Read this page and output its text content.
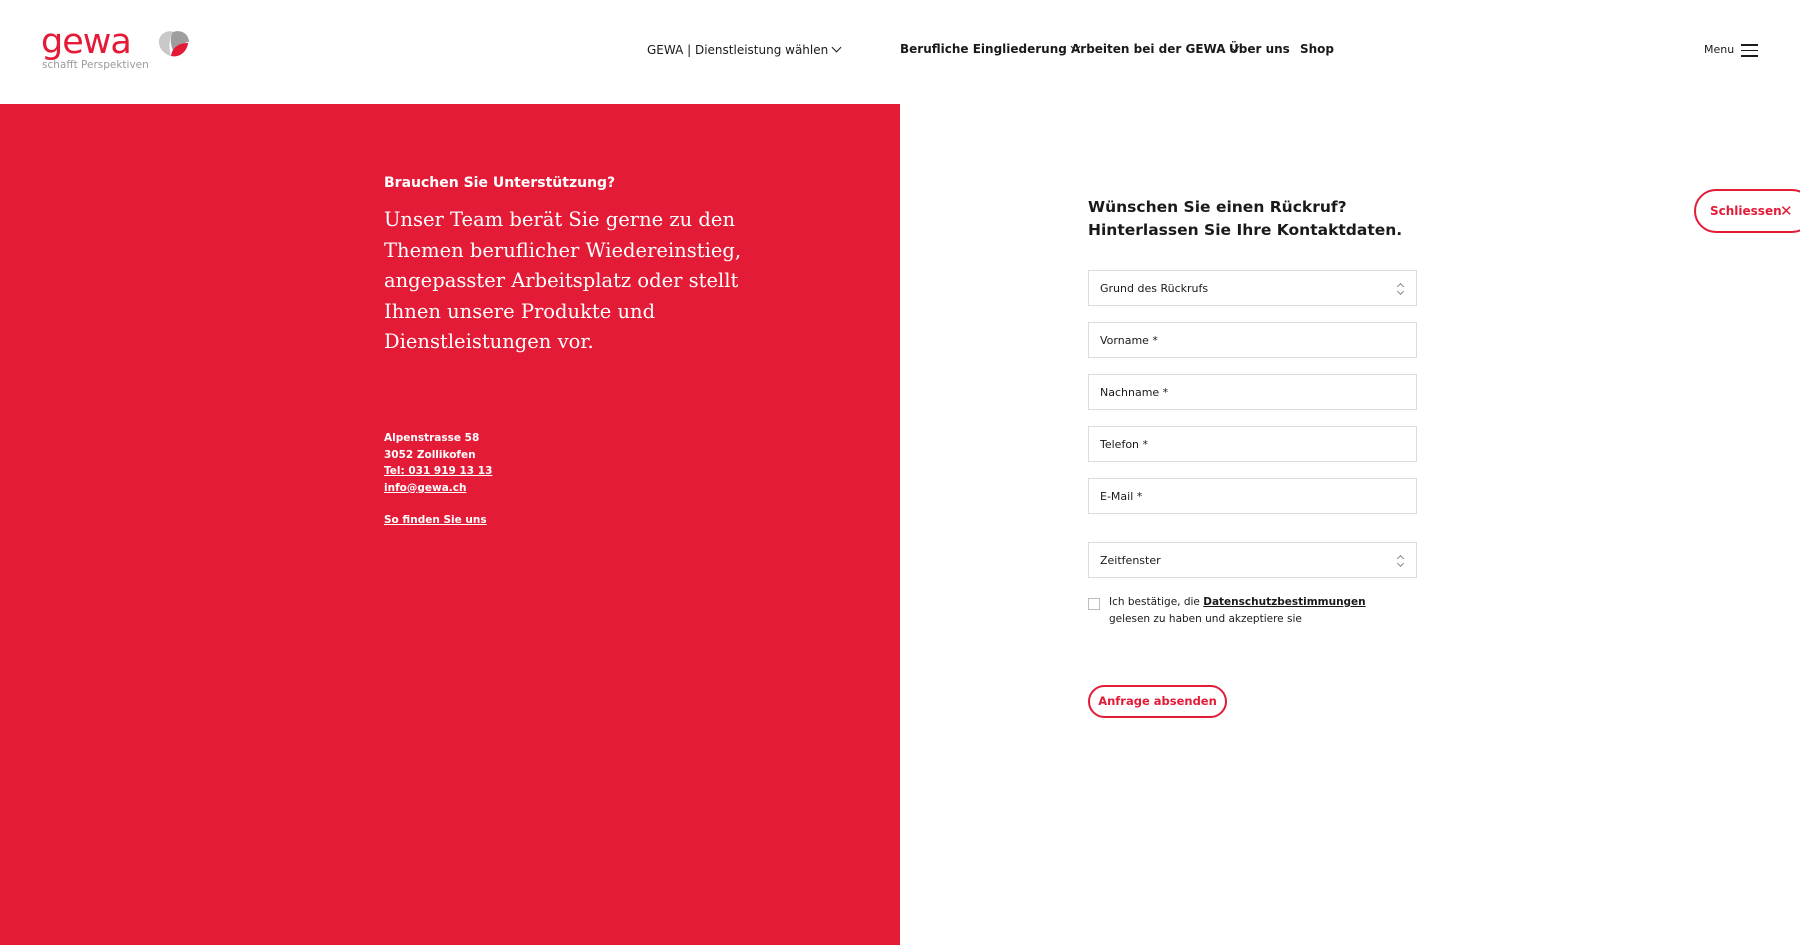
gewa
schafft Perspektiven
GEWA | Dienstleistung wählen	Berufliche Eingliederung Arbeiten bei der GEWA Über uns Shop	Menu
Brauchen Sie Unterstützung?
Unser Team berät Sie gerne zu den Themen beruflicher Wiedereinstieg, angepasster Arbeitsplatz oder stellt Ihnen unsere Produkte und Dienstleistungen vor.
Alpenstrasse 58
3052 Zollikofen
Tel: 031 919 13 13
info@gewa.ch
So finden Sie uns
Wünschen Sie einen Rückruf?
Hinterlassen Sie Ihre Kontaktdaten.
Grund des Rückrufs
Vorname *
Nachname *
Telefon *
E-Mail *
Zeitfenster
Ich bestätige, die Datenschutzbestimmungen gelesen zu haben und akzeptiere sie
Anfrage absenden
Schliessen
✕
